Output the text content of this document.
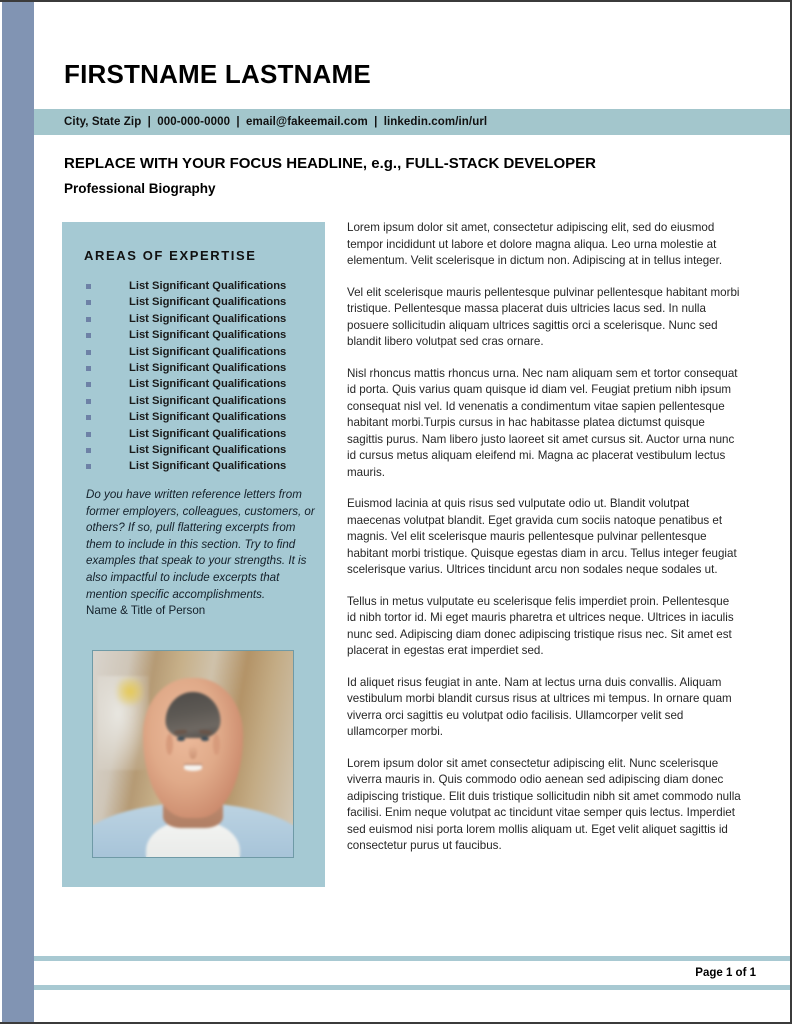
FIRSTNAME LASTNAME
City, State Zip | 000-000-0000 | email@fakeemail.com | linkedin.com/in/url
REPLACE WITH YOUR FOCUS HEADLINE, e.g., FULL-STACK DEVELOPER
Professional Biography
AREAS OF EXPERTISE
List Significant Qualifications
List Significant Qualifications
List Significant Qualifications
List Significant Qualifications
List Significant Qualifications
List Significant Qualifications
List Significant Qualifications
List Significant Qualifications
List Significant Qualifications
List Significant Qualifications
List Significant Qualifications
List Significant Qualifications

Do you have written reference letters from former employers, colleagues, customers, or others? If so, pull flattering excerpts from them to include in this section. Try to find examples that speak to your strengths. It is also impactful to include excerpts that mention specific accomplishments.

Name & Title of Person

Lorem ipsum dolor sit amet, consectetur adipiscing elit, sed do eiusmod tempor incididunt ut labore et dolore magna aliqua. Leo urna molestie at elementum. Velit scelerisque in dictum non. Adipiscing at in tellus integer.

Vel elit scelerisque mauris pellentesque pulvinar pellentesque habitant morbi tristique. Pellentesque massa placerat duis ultricies lacus sed. In nulla posuere sollicitudin aliquam ultrices sagittis orci a scelerisque. Nunc sed blandit libero volutpat sed cras ornare.

Nisl rhoncus mattis rhoncus urna. Nec nam aliquam sem et tortor consequat id porta. Quis varius quam quisque id diam vel. Feugiat pretium nibh ipsum consequat nisl vel. Id venenatis a condimentum vitae sapien pellentesque habitant morbi.Turpis cursus in hac habitasse platea dictumst quisque sagittis purus. Nam libero justo laoreet sit amet cursus sit. Auctor urna nunc id cursus metus aliquam eleifend mi. Magna ac placerat vestibulum lectus mauris.

Euismod lacinia at quis risus sed vulputate odio ut. Blandit volutpat maecenas volutpat blandit. Eget gravida cum sociis natoque penatibus et magnis. Vel elit scelerisque mauris pellentesque pulvinar pellentesque habitant morbi tristique. Quisque egestas diam in arcu. Tellus integer feugiat scelerisque varius. Ultrices tincidunt arcu non sodales neque sodales ut.

Tellus in metus vulputate eu scelerisque felis imperdiet proin. Pellentesque id nibh tortor id. Mi eget mauris pharetra et ultrices neque. Ultrices in iaculis nunc sed. Adipiscing diam donec adipiscing tristique risus nec. Sit amet est placerat in egestas erat imperdiet sed.

Id aliquet risus feugiat in ante. Nam at lectus urna duis convallis. Aliquam vestibulum morbi blandit cursus risus at ultrices mi tempus. In ornare quam viverra orci sagittis eu volutpat odio facilisis. Ullamcorper velit sed ullamcorper morbi.

Lorem ipsum dolor sit amet consectetur adipiscing elit. Nunc scelerisque viverra mauris in. Quis commodo odio aenean sed adipiscing diam donec adipiscing tristique. Elit duis tristique sollicitudin nibh sit amet commodo nulla facilisi. Enim neque volutpat ac tincidunt vitae semper quis lectus. Imperdiet sed euismod nisi porta lorem mollis aliquam ut. Eget velit aliquet sagittis id consectetur purus ut faucibus.

Page 1 of 1
